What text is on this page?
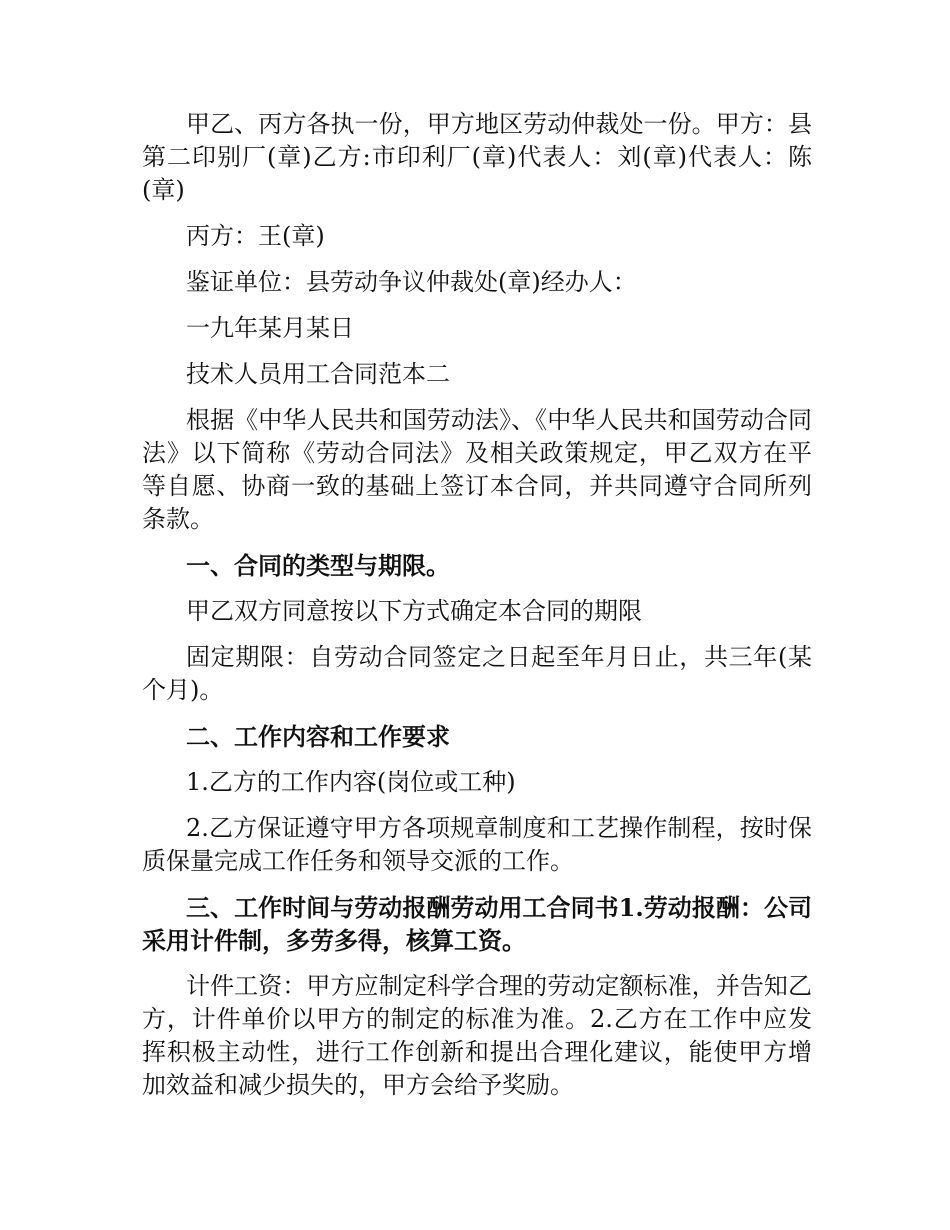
甲乙、丙方各执一份，甲方地区劳动仲裁处一份。甲方：县第二印别厂(章)乙方:市印利厂(章)代表人：刘(章)代表人：陈(章)

丙方：王(章)

鉴证单位：县劳动争议仲裁处(章)经办人：

一九年某月某日

技术人员用工合同范本二

根据《中华人民共和国劳动法》、《中华人民共和国劳动合同法》以下简称《劳动合同法》及相关政策规定，甲乙双方在平等自愿、协商一致的基础上签订本合同，并共同遵守合同所列条款。

一、合同的类型与期限。

甲乙双方同意按以下方式确定本合同的期限

固定期限：自劳动合同签定之日起至年月日止，共三年(某个月)。

二、工作内容和工作要求

1.乙方的工作内容(岗位或工种)

2.乙方保证遵守甲方各项规章制度和工艺操作制程，按时保质保量完成工作任务和领导交派的工作。

三、工作时间与劳动报酬劳动用工合同书1.劳动报酬：公司采用计件制，多劳多得，核算工资。

计件工资：甲方应制定科学合理的劳动定额标准，并告知乙方，计件单价以甲方的制定的标准为准。2.乙方在工作中应发挥积极主动性，进行工作创新和提出合理化建议，能使甲方增加效益和减少损失的，甲方会给予奖励。
